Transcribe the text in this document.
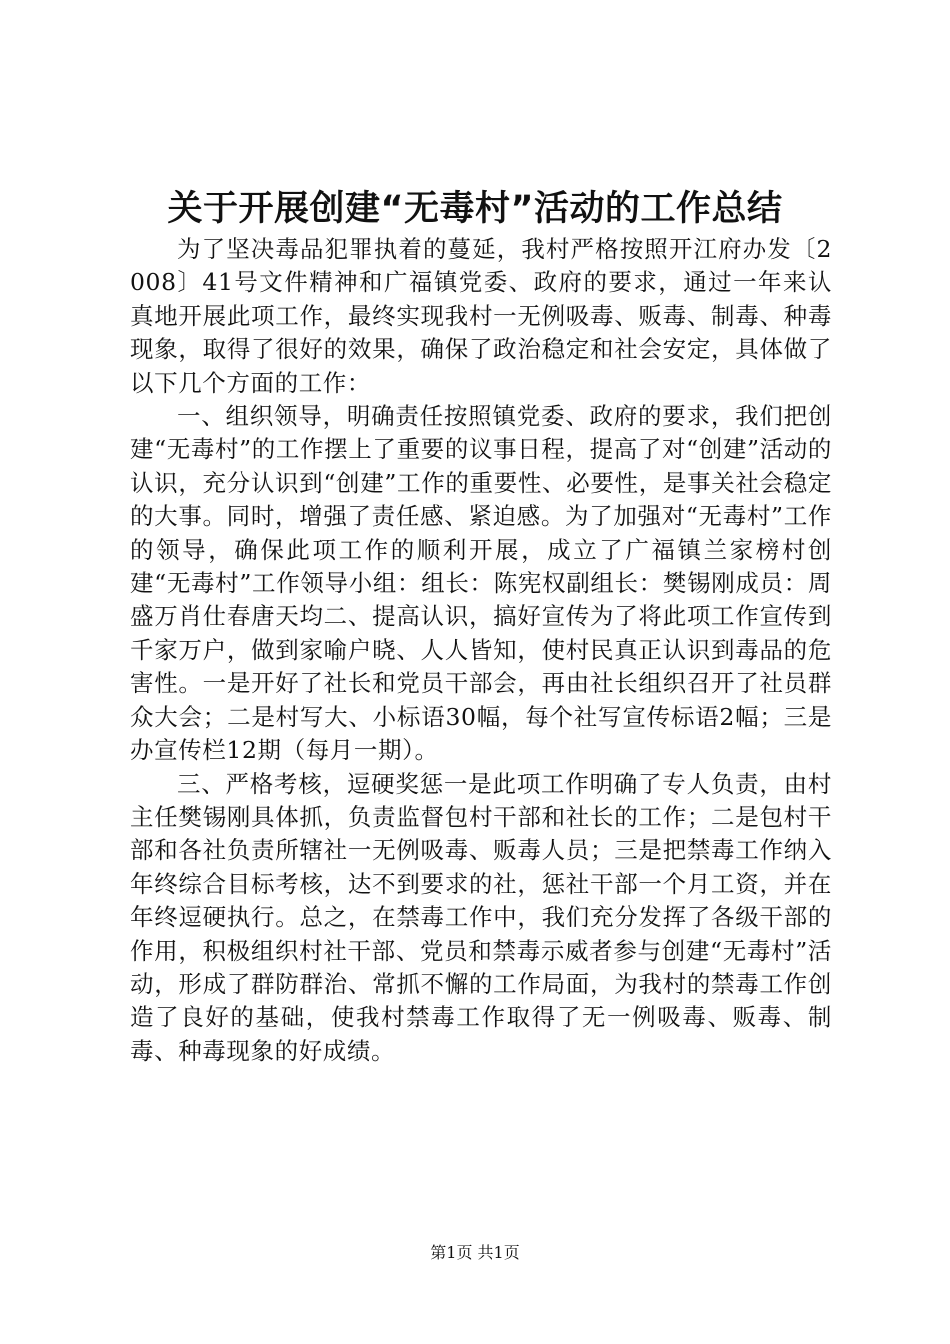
关于开展创建“无毒村”活动的工作总结

为了坚决毒品犯罪执着的蔓延，我村严格按照开江府办发〔2008〕41号文件精神和广福镇党委、政府的要求，通过一年来认真地开展此项工作，最终实现我村一无例吸毒、贩毒、制毒、种毒现象，取得了很好的效果，确保了政治稳定和社会安定，具体做了以下几个方面的工作：

一、组织领导，明确责任按照镇党委、政府的要求，我们把创建“无毒村”的工作摆上了重要的议事日程，提高了对“创建”活动的认识，充分认识到“创建”工作的重要性、必要性，是事关社会稳定的大事。同时，增强了责任感、紧迫感。为了加强对“无毒村”工作的领导，确保此项工作的顺利开展，成立了广福镇兰家榜村创建“无毒村”工作领导小组：组长：陈宪权副组长：樊锡刚成员：周盛万肖仕春唐天均二、提高认识，搞好宣传为了将此项工作宣传到千家万户，做到家喻户晓、人人皆知，使村民真正认识到毒品的危害性。一是开好了社长和党员干部会，再由社长组织召开了社员群众大会；二是村写大、小标语30幅，每个社写宣传标语2幅；三是办宣传栏12期（每月一期）。

三、严格考核，逗硬奖惩一是此项工作明确了专人负责，由村主任樊锡刚具体抓，负责监督包村干部和社长的工作；二是包村干部和各社负责所辖社一无例吸毒、贩毒人员；三是把禁毒工作纳入年终综合目标考核，达不到要求的社，惩社干部一个月工资，并在年终逗硬执行。总之，在禁毒工作中，我们充分发挥了各级干部的作用，积极组织村社干部、党员和禁毒示威者参与创建“无毒村”活动，形成了群防群治、常抓不懈的工作局面，为我村的禁毒工作创造了良好的基础，使我村禁毒工作取得了无一例吸毒、贩毒、制毒、种毒现象的好成绩。

第1页 共1页
